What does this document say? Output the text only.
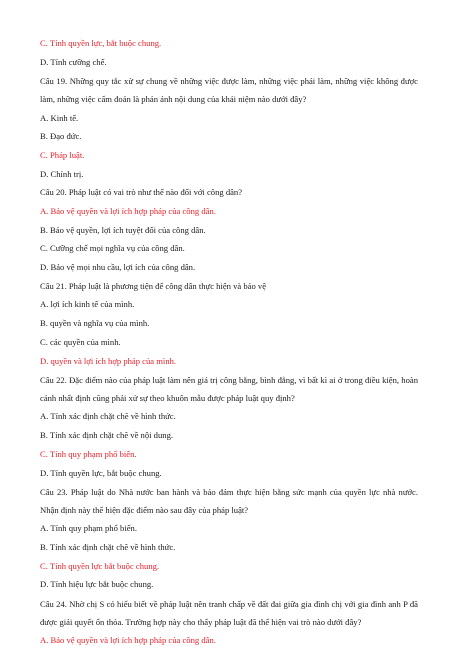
C. Tính quyền lực, bắt buộc chung.
D. Tính cưỡng chế.
Câu 19. Những quy tắc xử sự chung về những việc được làm, những việc phải làm, những việc không được làm, những việc cấm đoán là phản ánh nội dung của khái niệm nào dưới đây?
A. Kinh tế.
B. Đạo đức.
C. Pháp luật.
D. Chính trị.
Câu 20. Pháp luật có vai trò như thế nào đối với công dân?
A. Bảo vệ quyền và lợi ích hợp pháp của công dân.
B. Bảo vệ quyền, lợi ích tuyệt đối của công dân.
C. Cưỡng chế mọi nghĩa vụ của công dân.
D. Bảo vệ mọi nhu cầu, lợi ích của công dân.
Câu 21. Pháp luật là phương tiện để công dân thực hiện và bảo vệ
A. lợi ích kinh tế của mình.
B. quyền và nghĩa vụ của mình.
C. các quyền của mình.
D. quyền và lợi ích hợp pháp của mình.
Câu 22. Đặc điểm nào của pháp luật làm nên giá trị công bằng, bình đẳng, vì bất kì ai ở trong điều kiện, hoàn cảnh nhất định cũng phải xử sự theo khuôn mẫu được pháp luật quy định?
A. Tính xác định chặt chẽ về hình thức.
B. Tính xác định chặt chẽ về nội dung.
C. Tính quy phạm phổ biến.
D. Tính quyền lực, bắt buộc chung.
Câu 23. Pháp luật do Nhà nước ban hành và bảo đảm thực hiện bằng sức mạnh của quyền lực nhà nước. Nhận định này thể hiện đặc điểm nào sau đây của pháp luật?
A. Tính quy phạm phổ biến.
B. Tính xác định chặt chẽ về hình thức.
C. Tính quyền lực bắt buộc chung.
D. Tính hiệu lực bắt buộc chung.
Câu 24. Nhờ chị S có hiểu biết về pháp luật nên tranh chấp về đất đai giữa gia đình chị với gia đình anh P đã được giải quyết ổn thỏa. Trường hợp này cho thấy pháp luật đã thể hiện vai trò nào dưới đây?
A. Bảo vệ quyền và lợi ích hợp pháp của công dân.
